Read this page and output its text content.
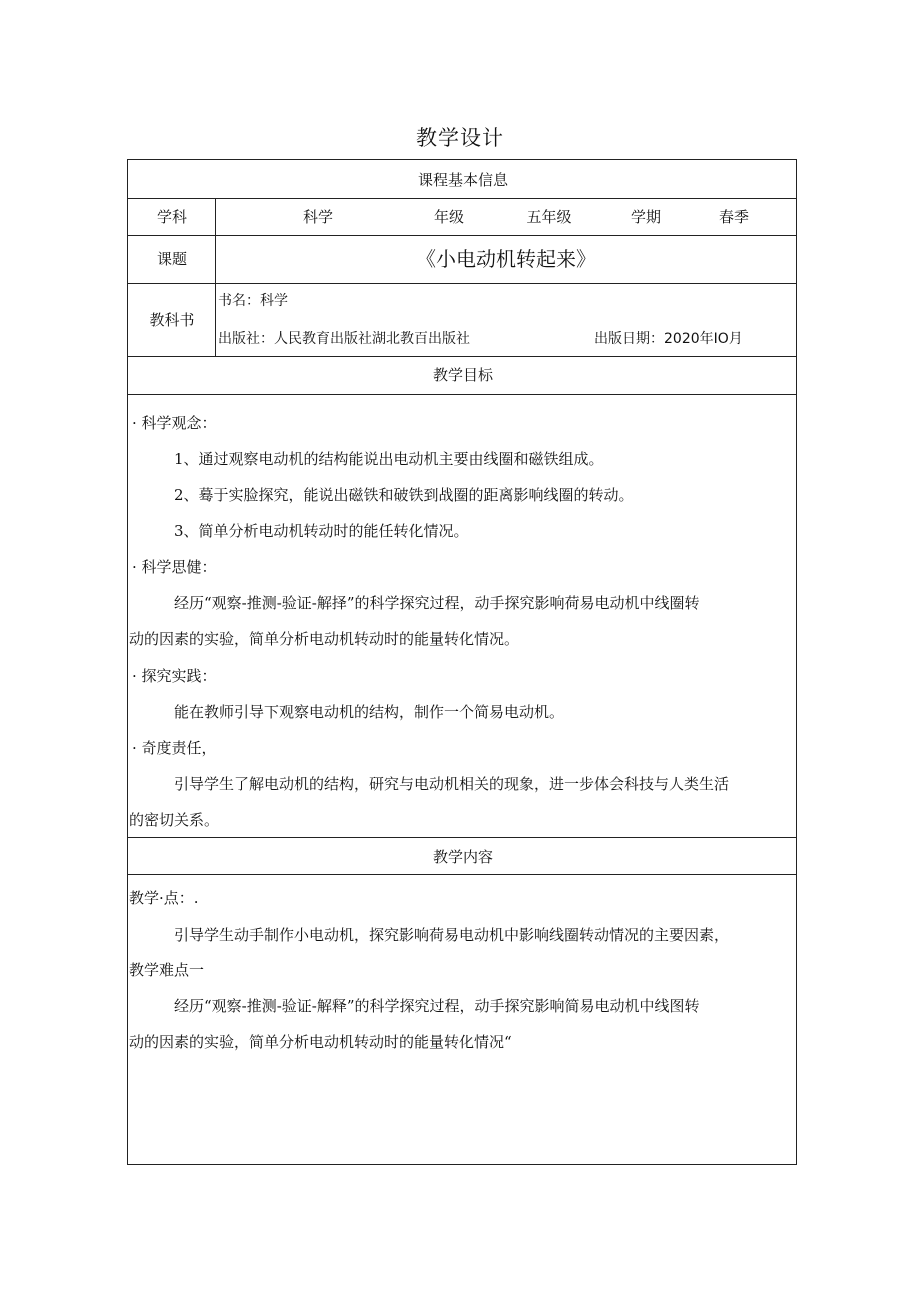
教学设计
课程基本信息
学科	科学	年级	五年级	学期	春季
课题	《小电动机转起来》
教科书
书名：科学
出版社：人民教育出版社湖北教百出版社	出版日期：2020年IO月
教学目标
· 科学观念：
1、通过观察电动机的结构能说出电动机主要由线圈和磁铁组成。
2、蓦于实脸探究，能说出磁铁和破铁到战圈的距离影响线圈的转动。
3、简单分析电动机转动时的能任转化情况。
· 科学思健：
经历“观察-推测-验证-解择”的科学探究过程，动手探究影响荷易电动机中线圈转
动的因素的实验，简单分析电动机转动时的能量转化情况。
· 探究实践：
能在教师引导下观察电动机的结构，制作一个简易电动机。
· 奇度责任，
引导学生了解电动机的结构，研究与电动机相关的现象，进一步体会科技与人类生活
的密切关系。
教学内容
教学·点：.
引导学生动手制作小电动机，探究影响荷易电动机中影响线圈转动情况的主要因素，
教学难点一
经历“观察-推测-验证-解释”的科学探究过程，动手探究影响简易电动机中线图转
动的因素的实验，简单分析电动机转动时的能量转化情况“
